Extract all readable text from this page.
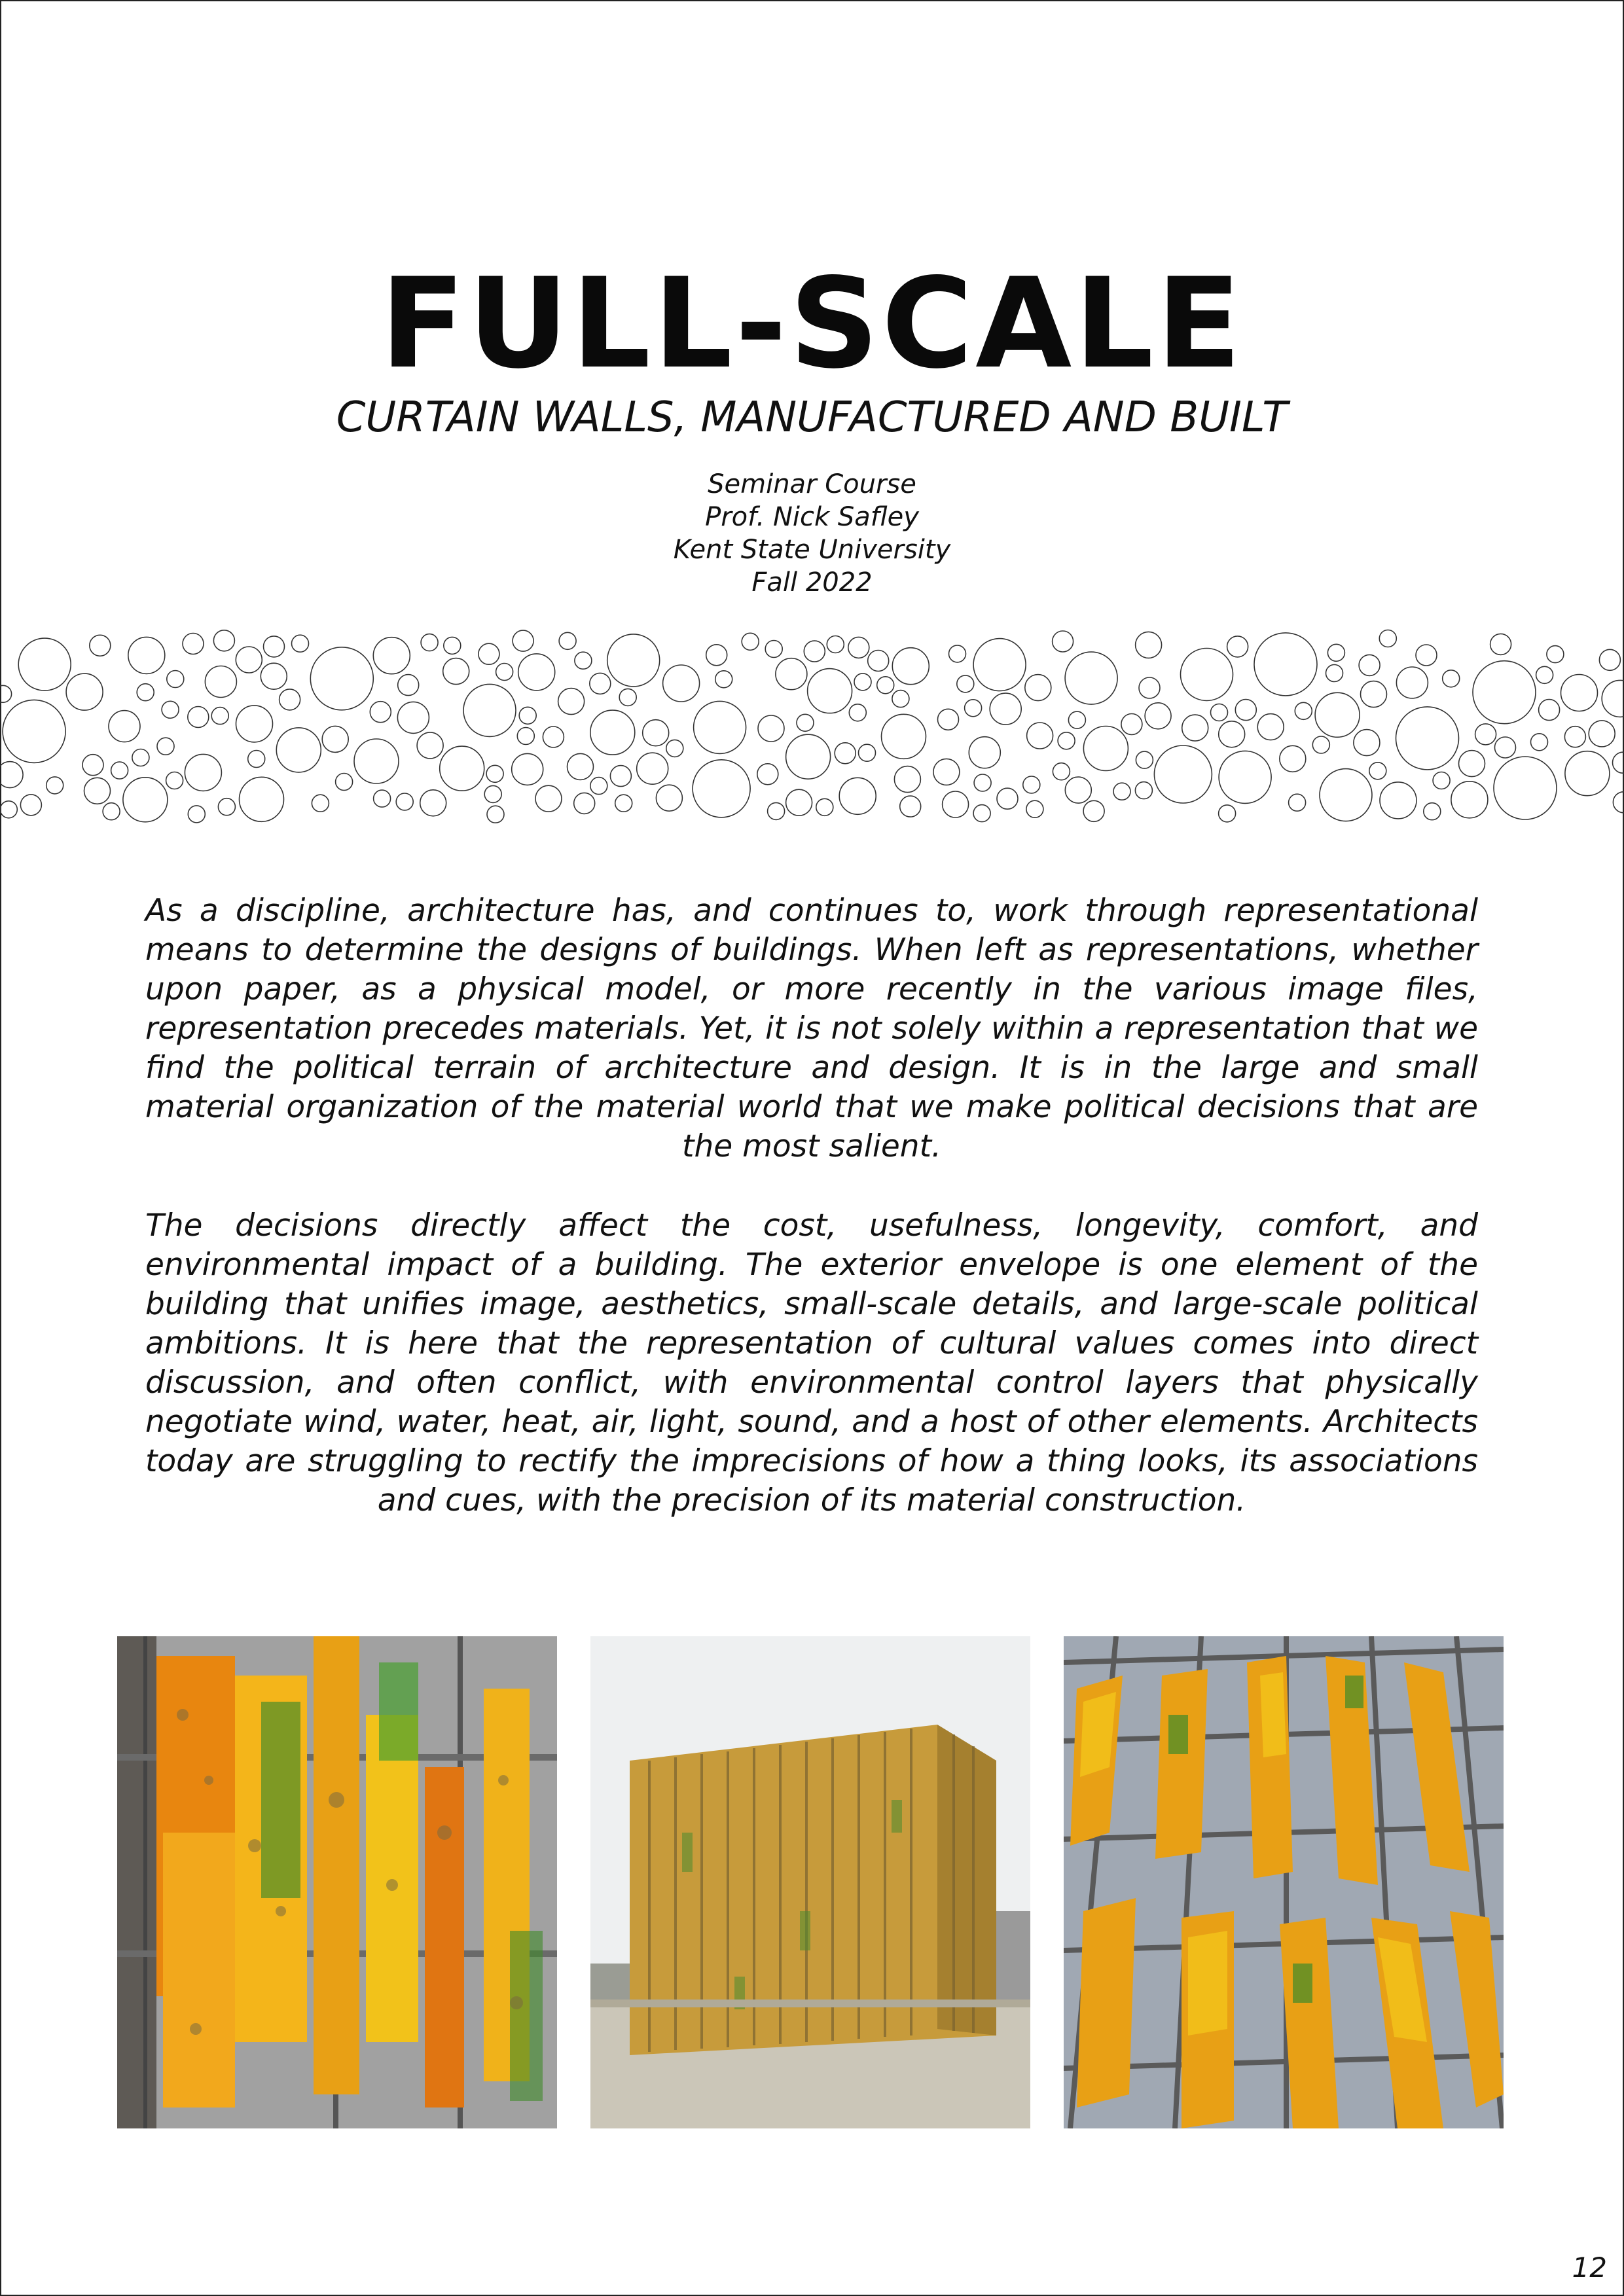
FULL-SCALE
CURTAIN WALLS, MANUFACTURED AND BUILT
Seminar Course
Prof. Nick Safley
Kent State University
Fall 2022
As a discipline, architecture has, and continues to, work through representational means to determine the designs of buildings. When left as representations, whether upon paper, as a physical model, or more recently in the various image files, representation precedes materials. Yet, it is not solely within a representation that we find the political terrain of architecture and design. It is in the large and small material organization of the material world that we make political decisions that are the most salient.
The decisions directly affect the cost, usefulness, longevity, comfort, and environmental impact of a building. The exterior envelope is one element of the building that unifies image, aesthetics, small-scale details, and large-scale political ambitions. It is here that the representation of cultural values comes into direct discussion, and often conflict, with environmental control layers that physically negotiate wind, water, heat, air, light, sound, and a host of other elements. Architects today are struggling to rectify the imprecisions of how a thing looks, its associations and cues, with the precision of its material construction.
12
